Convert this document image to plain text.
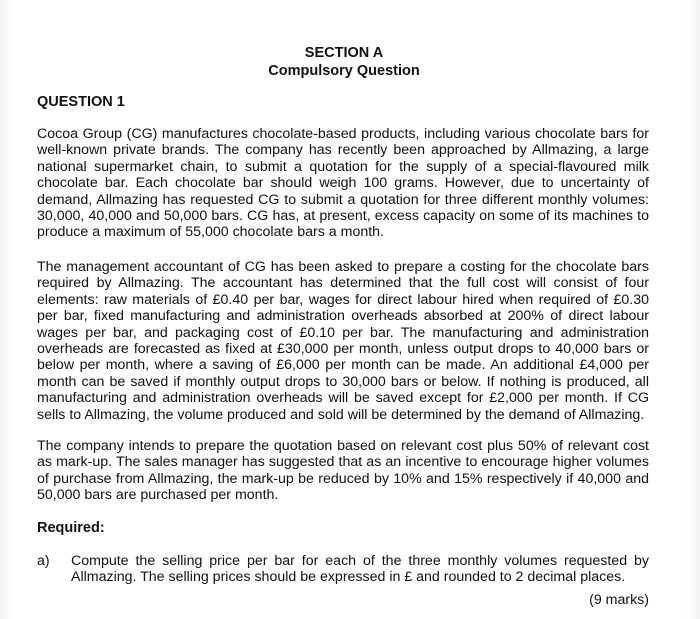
SECTION A
Compulsory Question
QUESTION 1

Cocoa Group (CG) manufactures chocolate-based products, including various chocolate bars for well-known private brands. The company has recently been approached by Allmazing, a large national supermarket chain, to submit a quotation for the supply of a special-flavoured milk chocolate bar. Each chocolate bar should weigh 100 grams. However, due to uncertainty of demand, Allmazing has requested CG to submit a quotation for three different monthly volumes: 30,000, 40,000 and 50,000 bars. CG has, at present, excess capacity on some of its machines to produce a maximum of 55,000 chocolate bars a month.

The management accountant of CG has been asked to prepare a costing for the chocolate bars required by Allmazing. The accountant has determined that the full cost will consist of four elements: raw materials of £0.40 per bar, wages for direct labour hired when required of £0.30 per bar, fixed manufacturing and administration overheads absorbed at 200% of direct labour wages per bar, and packaging cost of £0.10 per bar. The manufacturing and administration overheads are forecasted as fixed at £30,000 per month, unless output drops to 40,000 bars or below per month, where a saving of £6,000 per month can be made. An additional £4,000 per month can be saved if monthly output drops to 30,000 bars or below. If nothing is produced, all manufacturing and administration overheads will be saved except for £2,000 per month. If CG sells to Allmazing, the volume produced and sold will be determined by the demand of Allmazing.

The company intends to prepare the quotation based on relevant cost plus 50% of relevant cost as mark-up. The sales manager has suggested that as an incentive to encourage higher volumes of purchase from Allmazing, the mark-up be reduced by 10% and 15% respectively if 40,000 and 50,000 bars are purchased per month.

Required:
a) Compute the selling price per bar for each of the three monthly volumes requested by Allmazing. The selling prices should be expressed in £ and rounded to 2 decimal places.

(9 marks)
